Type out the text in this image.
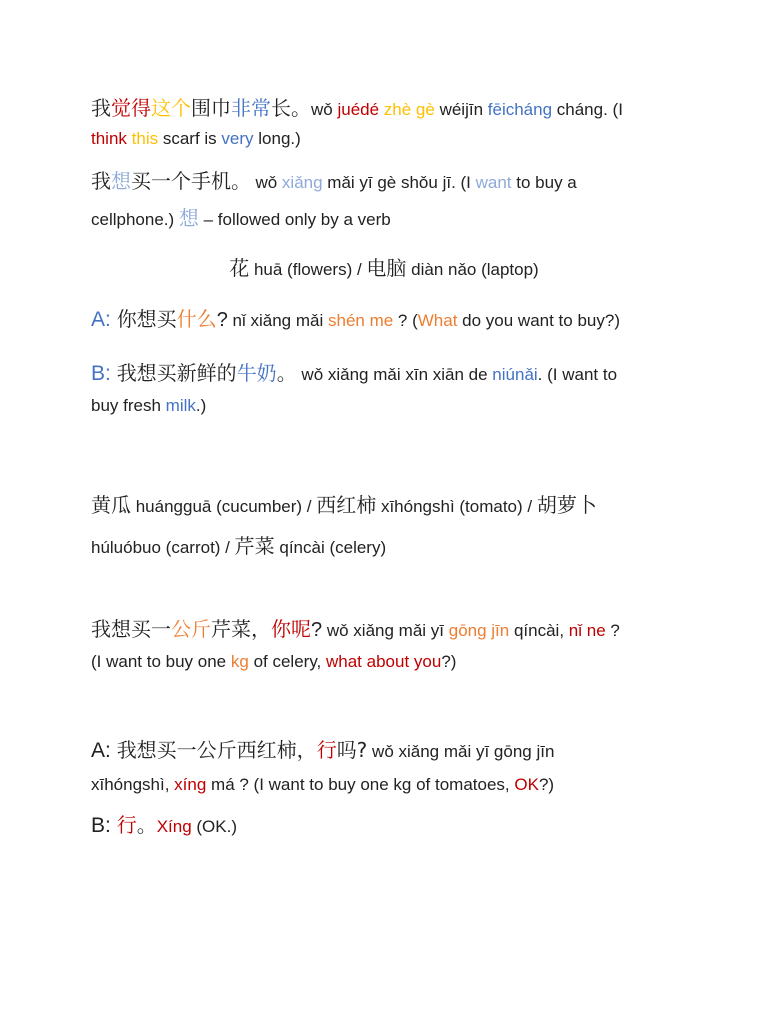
我觉得这个围巾非常长。wǒ juédé zhè gè wéijīn fēicháng cháng. (I
think this scarf is very long.)
我想买一个手机。 wǒ xiǎng mǎi yī gè shǒu jī. (I want to buy a
cellphone.) 想 – followed only by a verb
花 huā (flowers) / 电脑 diàn nǎo (laptop)
A: 你想买什么? nǐ xiǎng mǎi shén me ? (What do you want to buy?)
B: 我想买新鲜的牛奶。 wǒ xiǎng mǎi xīn xiān de niúnǎi. (I want to
buy fresh milk.)
黄瓜 huángguā (cucumber) / 西红柿 xīhóngshì (tomato) / 胡萝卜
húluóbuo (carrot) / 芹菜 qíncài (celery)
我想买一公斤芹菜，你呢? wǒ xiǎng mǎi yī gōng jīn qíncài, nǐ ne ?
(I want to buy one kg of celery, what about you?)
A: 我想买一公斤西红柿，行吗? wǒ xiǎng mǎi yī gōng jīn
xīhóngshì, xíng má ? (I want to buy one kg of tomatoes, OK?)
B: 行。Xíng (OK.)
